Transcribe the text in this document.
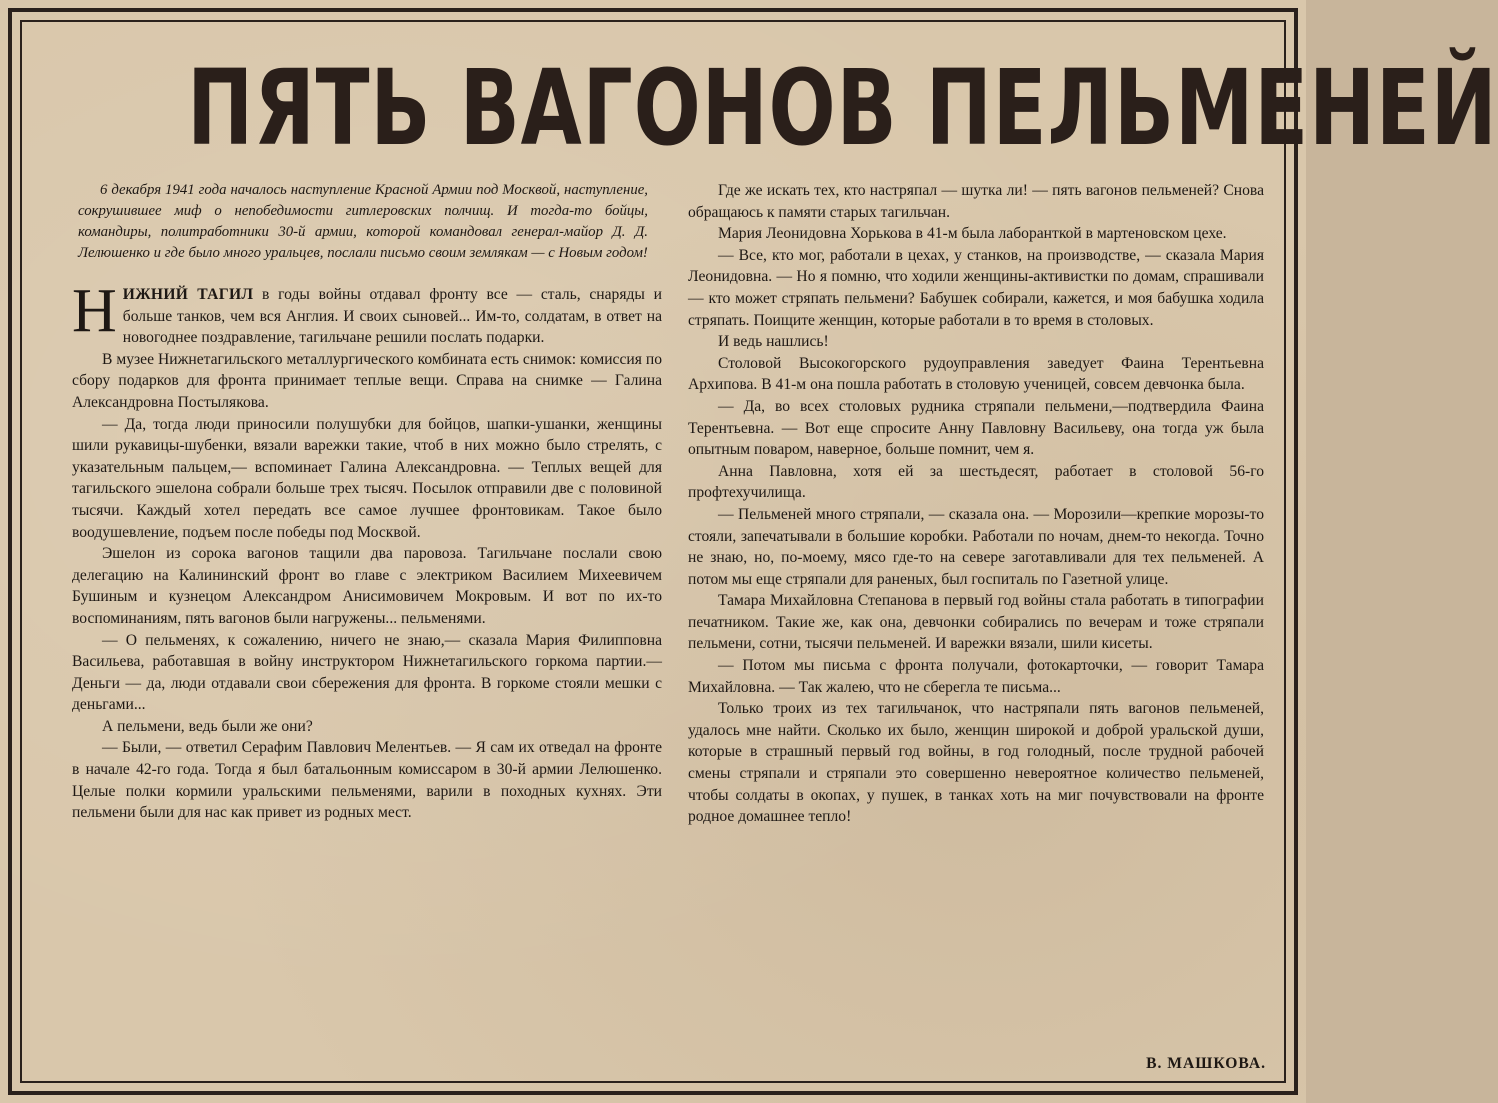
ПЯТЬ ВАГОНОВ ПЕЛЬМЕНЕЙ

6 декабря 1941 года началось наступление Красной Армии под Москвой, наступление, сокрушившее миф о непобедимости гитлеровских полчищ. И тогда-то бойцы, командиры, политработники 30-й армии, которой командовал генерал-майор Д. Д. Лелюшенко и где было много уральцев, послали письмо своим землякам — с Новым годом!

НИЖНИЙ ТАГИЛ в годы войны отдавал фронту все — сталь, снаряды и больше танков, чем вся Англия. И своих сыновей... Им-то, солдатам, в ответ на новогоднее поздравление, тагильчане решили послать подарки.

В музее Нижнетагильского металлургического комбината есть снимок: комиссия по сбору подарков для фронта принимает теплые вещи. Справа на снимке — Галина Александровна Постылякова.

— Да, тогда люди приносили полушубки для бойцов, шапки-ушанки, женщины шили рукавицы-шубенки, вязали варежки такие, чтоб в них можно было стрелять, с указательным пальцем,— вспоминает Галина Александровна. — Теплых вещей для тагильского эшелона собрали больше трех тысяч. Посылок отправили две с половиной тысячи. Каждый хотел передать все самое лучшее фронтовикам. Такое было воодушевление, подъем после победы под Москвой.

Эшелон из сорока вагонов тащили два паровоза. Тагильчане послали свою делегацию на Калининский фронт во главе с электриком Василием Михеевичем Бушиным и кузнецом Александром Анисимовичем Мокровым. И вот по их-то воспоминаниям, пять вагонов были нагружены... пельменями.

— О пельменях, к сожалению, ничего не знаю,— сказала Мария Филипповна Васильева, работавшая в войну инструктором Нижнетагильского горкома партии.—Деньги — да, люди отдавали свои сбережения для фронта. В горкоме стояли мешки с деньгами...

А пельмени, ведь были же они?

— Были, — ответил Серафим Павлович Мелентьев. — Я сам их отведал на фронте в начале 42-го года. Тогда я был батальонным комиссаром в 30-й армии Лелюшенко. Целые полки кормили уральскими пельменями, варили в походных кухнях. Эти пельмени были для нас как привет из родных мест.

Где же искать тех, кто настряпал — шутка ли! — пять вагонов пельменей? Снова обращаюсь к памяти старых тагильчан.

Мария Леонидовна Хорькова в 41-м была лаборанткой в мартеновском цехе.

— Все, кто мог, работали в цехах, у станков, на производстве, — сказала Мария Леонидовна. — Но я помню, что ходили женщины-активистки по домам, спрашивали— кто может стряпать пельмени? Бабушек собирали, кажется, и моя бабушка ходила стряпать. Поищите женщин, которые работали в то время в столовых.

И ведь нашлись!

Столовой Высокогорского рудоуправления заведует Фаина Терентьевна Архипова. В 41-м она пошла работать в столовую ученицей, совсем девчонка была.

— Да, во всех столовых рудника стряпали пельмени,—подтвердила Фаина Терентьевна. — Вот еще спросите Анну Павловну Васильеву, она тогда уж была опытным поваром, наверное, больше помнит, чем я.

Анна Павловна, хотя ей за шестьдесят, работает в столовой 56-го профтехучилища.

— Пельменей много стряпали, — сказала она. — Морозили—крепкие морозы-то стояли, запечатывали в большие коробки. Работали по ночам, днем-то некогда. Точно не знаю, но, по-моему, мясо где-то на севере заготавливали для тех пельменей. А потом мы еще стряпали для раненых, был госпиталь по Газетной улице.

Тамара Михайловна Степанова в первый год войны стала работать в типографии печатником. Такие же, как она, девчонки собирались по вечерам и тоже стряпали пельмени, сотни, тысячи пельменей. И варежки вязали, шили кисеты.

— Потом мы письма с фронта получали, фотокарточки, — говорит Тамара Михайловна. — Так жалею, что не сберегла те письма...

Только троих из тех тагильчанок, что настряпали пять вагонов пельменей, удалось мне найти. Сколько их было, женщин широкой и доброй уральской души, которые в страшный первый год войны, в год голодный, после трудной рабочей смены стряпали и стряпали это совершенно невероятное количество пельменей, чтобы солдаты в окопах, у пушек, в танках хоть на миг почувствовали на фронте родное домашнее тепло!

В. МАШКОВА.
